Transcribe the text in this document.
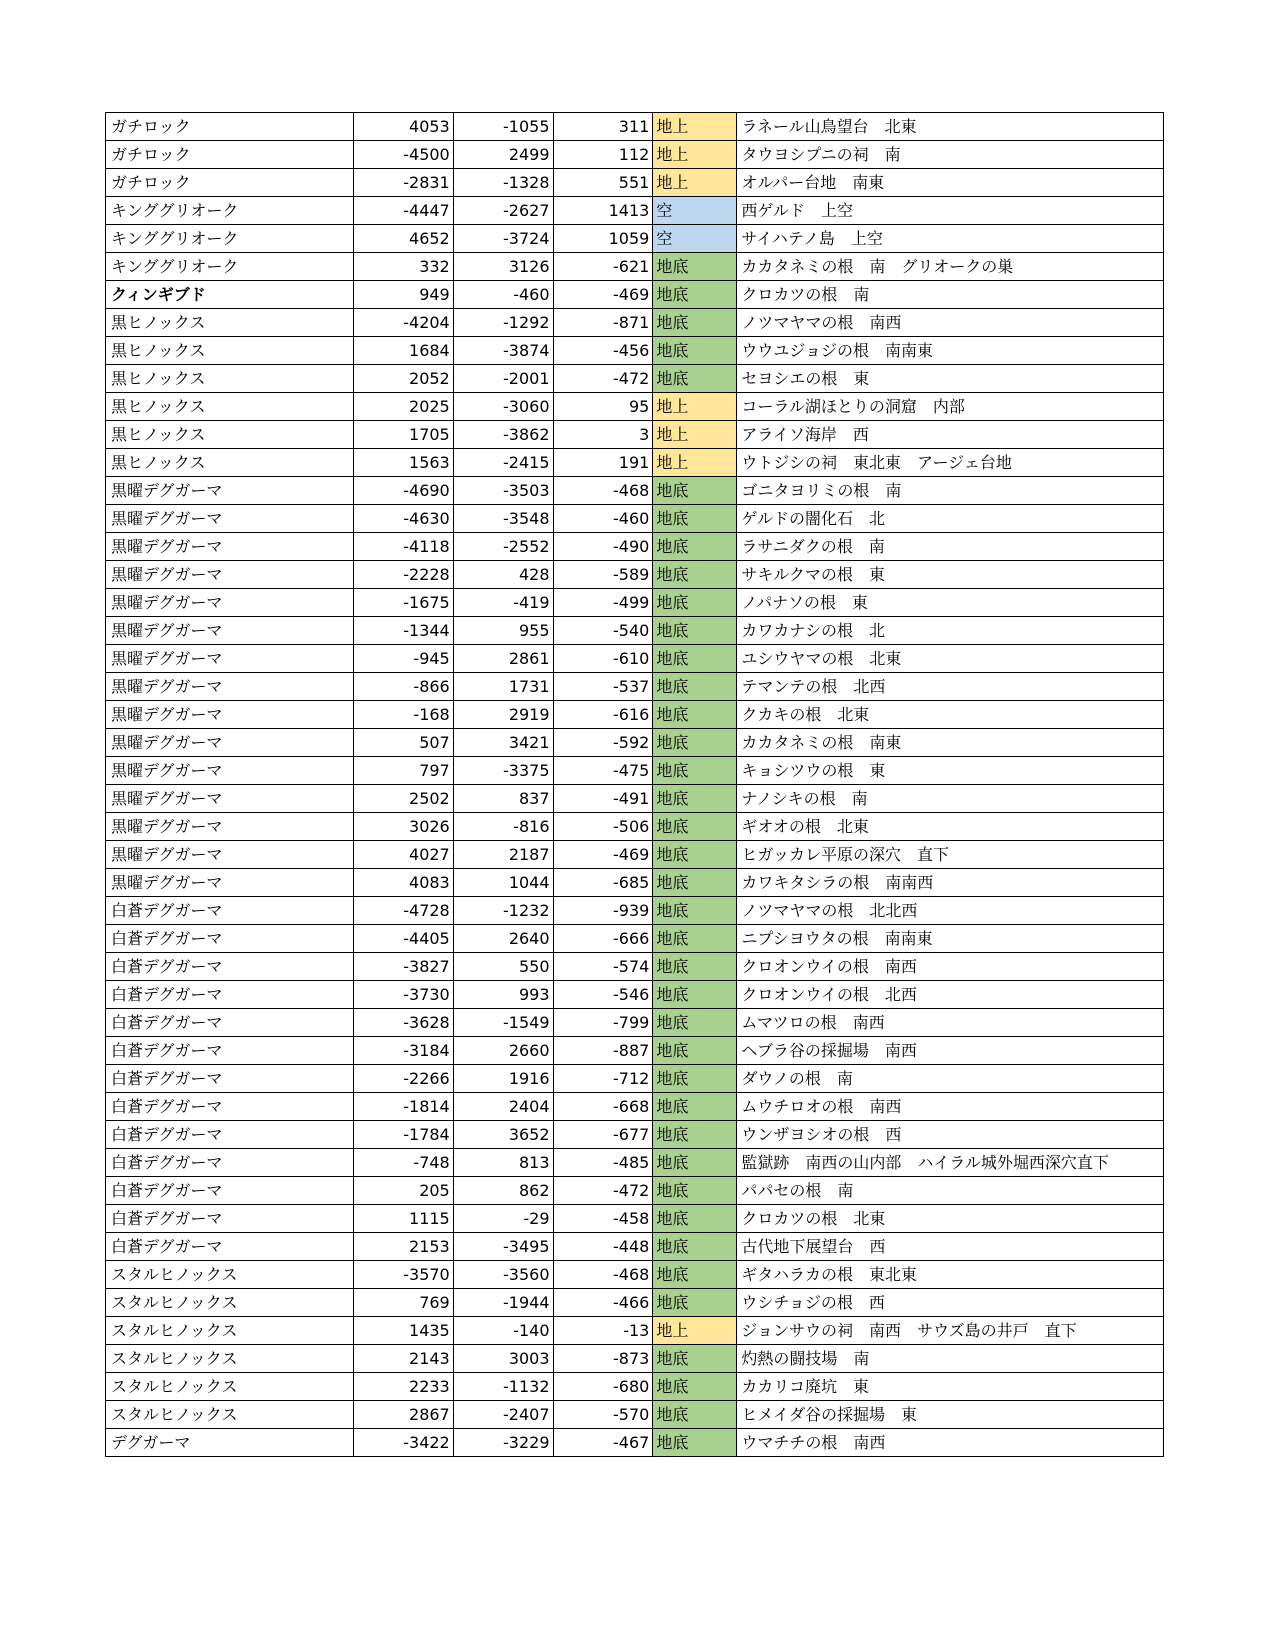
ガチロック	4053	-1055	311	地上	ラネール山鳥望台　北東
ガチロック	-4500	2499	112	地上	タウヨシプニの祠　南
ガチロック	-2831	-1328	551	地上	オルパー台地　南東
キンググリオーク	-4447	-2627	1413	空	西ゲルド　上空
キンググリオーク	4652	-3724	1059	空	サイハテノ島　上空
キンググリオーク	332	3126	-621	地底	カカタネミの根　南　グリオークの巣
クィンギブド	949	-460	-469	地底	クロカツの根　南
黒ヒノックス	-4204	-1292	-871	地底	ノツマヤマの根　南西
黒ヒノックス	1684	-3874	-456	地底	ウウユジョジの根　南南東
黒ヒノックス	2052	-2001	-472	地底	セヨシエの根　東
黒ヒノックス	2025	-3060	95	地上	コーラル湖ほとりの洞窟　内部
黒ヒノックス	1705	-3862	3	地上	アライソ海岸　西
黒ヒノックス	1563	-2415	191	地上	ウトジシの祠　東北東　アージェ台地
黒曜デグガーマ	-4690	-3503	-468	地底	ゴニタヨリミの根　南
黒曜デグガーマ	-4630	-3548	-460	地底	ゲルドの闇化石　北
黒曜デグガーマ	-4118	-2552	-490	地底	ラサニダクの根　南
黒曜デグガーマ	-2228	428	-589	地底	サキルクマの根　東
黒曜デグガーマ	-1675	-419	-499	地底	ノパナソの根　東
黒曜デグガーマ	-1344	955	-540	地底	カワカナシの根　北
黒曜デグガーマ	-945	2861	-610	地底	ユシウヤマの根　北東
黒曜デグガーマ	-866	1731	-537	地底	テマンテの根　北西
黒曜デグガーマ	-168	2919	-616	地底	クカキの根　北東
黒曜デグガーマ	507	3421	-592	地底	カカタネミの根　南東
黒曜デグガーマ	797	-3375	-475	地底	キョシツウの根　東
黒曜デグガーマ	2502	837	-491	地底	ナノシキの根　南
黒曜デグガーマ	3026	-816	-506	地底	ギオオの根　北東
黒曜デグガーマ	4027	2187	-469	地底	ヒガッカレ平原の深穴　直下
黒曜デグガーマ	4083	1044	-685	地底	カワキタシラの根　南南西
白蒼デグガーマ	-4728	-1232	-939	地底	ノツマヤマの根　北北西
白蒼デグガーマ	-4405	2640	-666	地底	ニプシヨウタの根　南南東
白蒼デグガーマ	-3827	550	-574	地底	クロオンウイの根　南西
白蒼デグガーマ	-3730	993	-546	地底	クロオンウイの根　北西
白蒼デグガーマ	-3628	-1549	-799	地底	ムマツロの根　南西
白蒼デグガーマ	-3184	2660	-887	地底	ヘブラ谷の採掘場　南西
白蒼デグガーマ	-2266	1916	-712	地底	ダウノの根　南
白蒼デグガーマ	-1814	2404	-668	地底	ムウチロオの根　南西
白蒼デグガーマ	-1784	3652	-677	地底	ウンザヨシオの根　西
白蒼デグガーマ	-748	813	-485	地底	監獄跡　南西の山内部　ハイラル城外堀西深穴直下
白蒼デグガーマ	205	862	-472	地底	パパセの根　南
白蒼デグガーマ	1115	-29	-458	地底	クロカツの根　北東
白蒼デグガーマ	2153	-3495	-448	地底	古代地下展望台　西
スタルヒノックス	-3570	-3560	-468	地底	ギタハラカの根　東北東
スタルヒノックス	769	-1944	-466	地底	ウシチョジの根　西
スタルヒノックス	1435	-140	-13	地上	ジョンサウの祠　南西　サウズ島の井戸　直下
スタルヒノックス	2143	3003	-873	地底	灼熱の闘技場　南
スタルヒノックス	2233	-1132	-680	地底	カカリコ廃坑　東
スタルヒノックス	2867	-2407	-570	地底	ヒメイダ谷の採掘場　東
デグガーマ	-3422	-3229	-467	地底	ウマチチの根　南西
